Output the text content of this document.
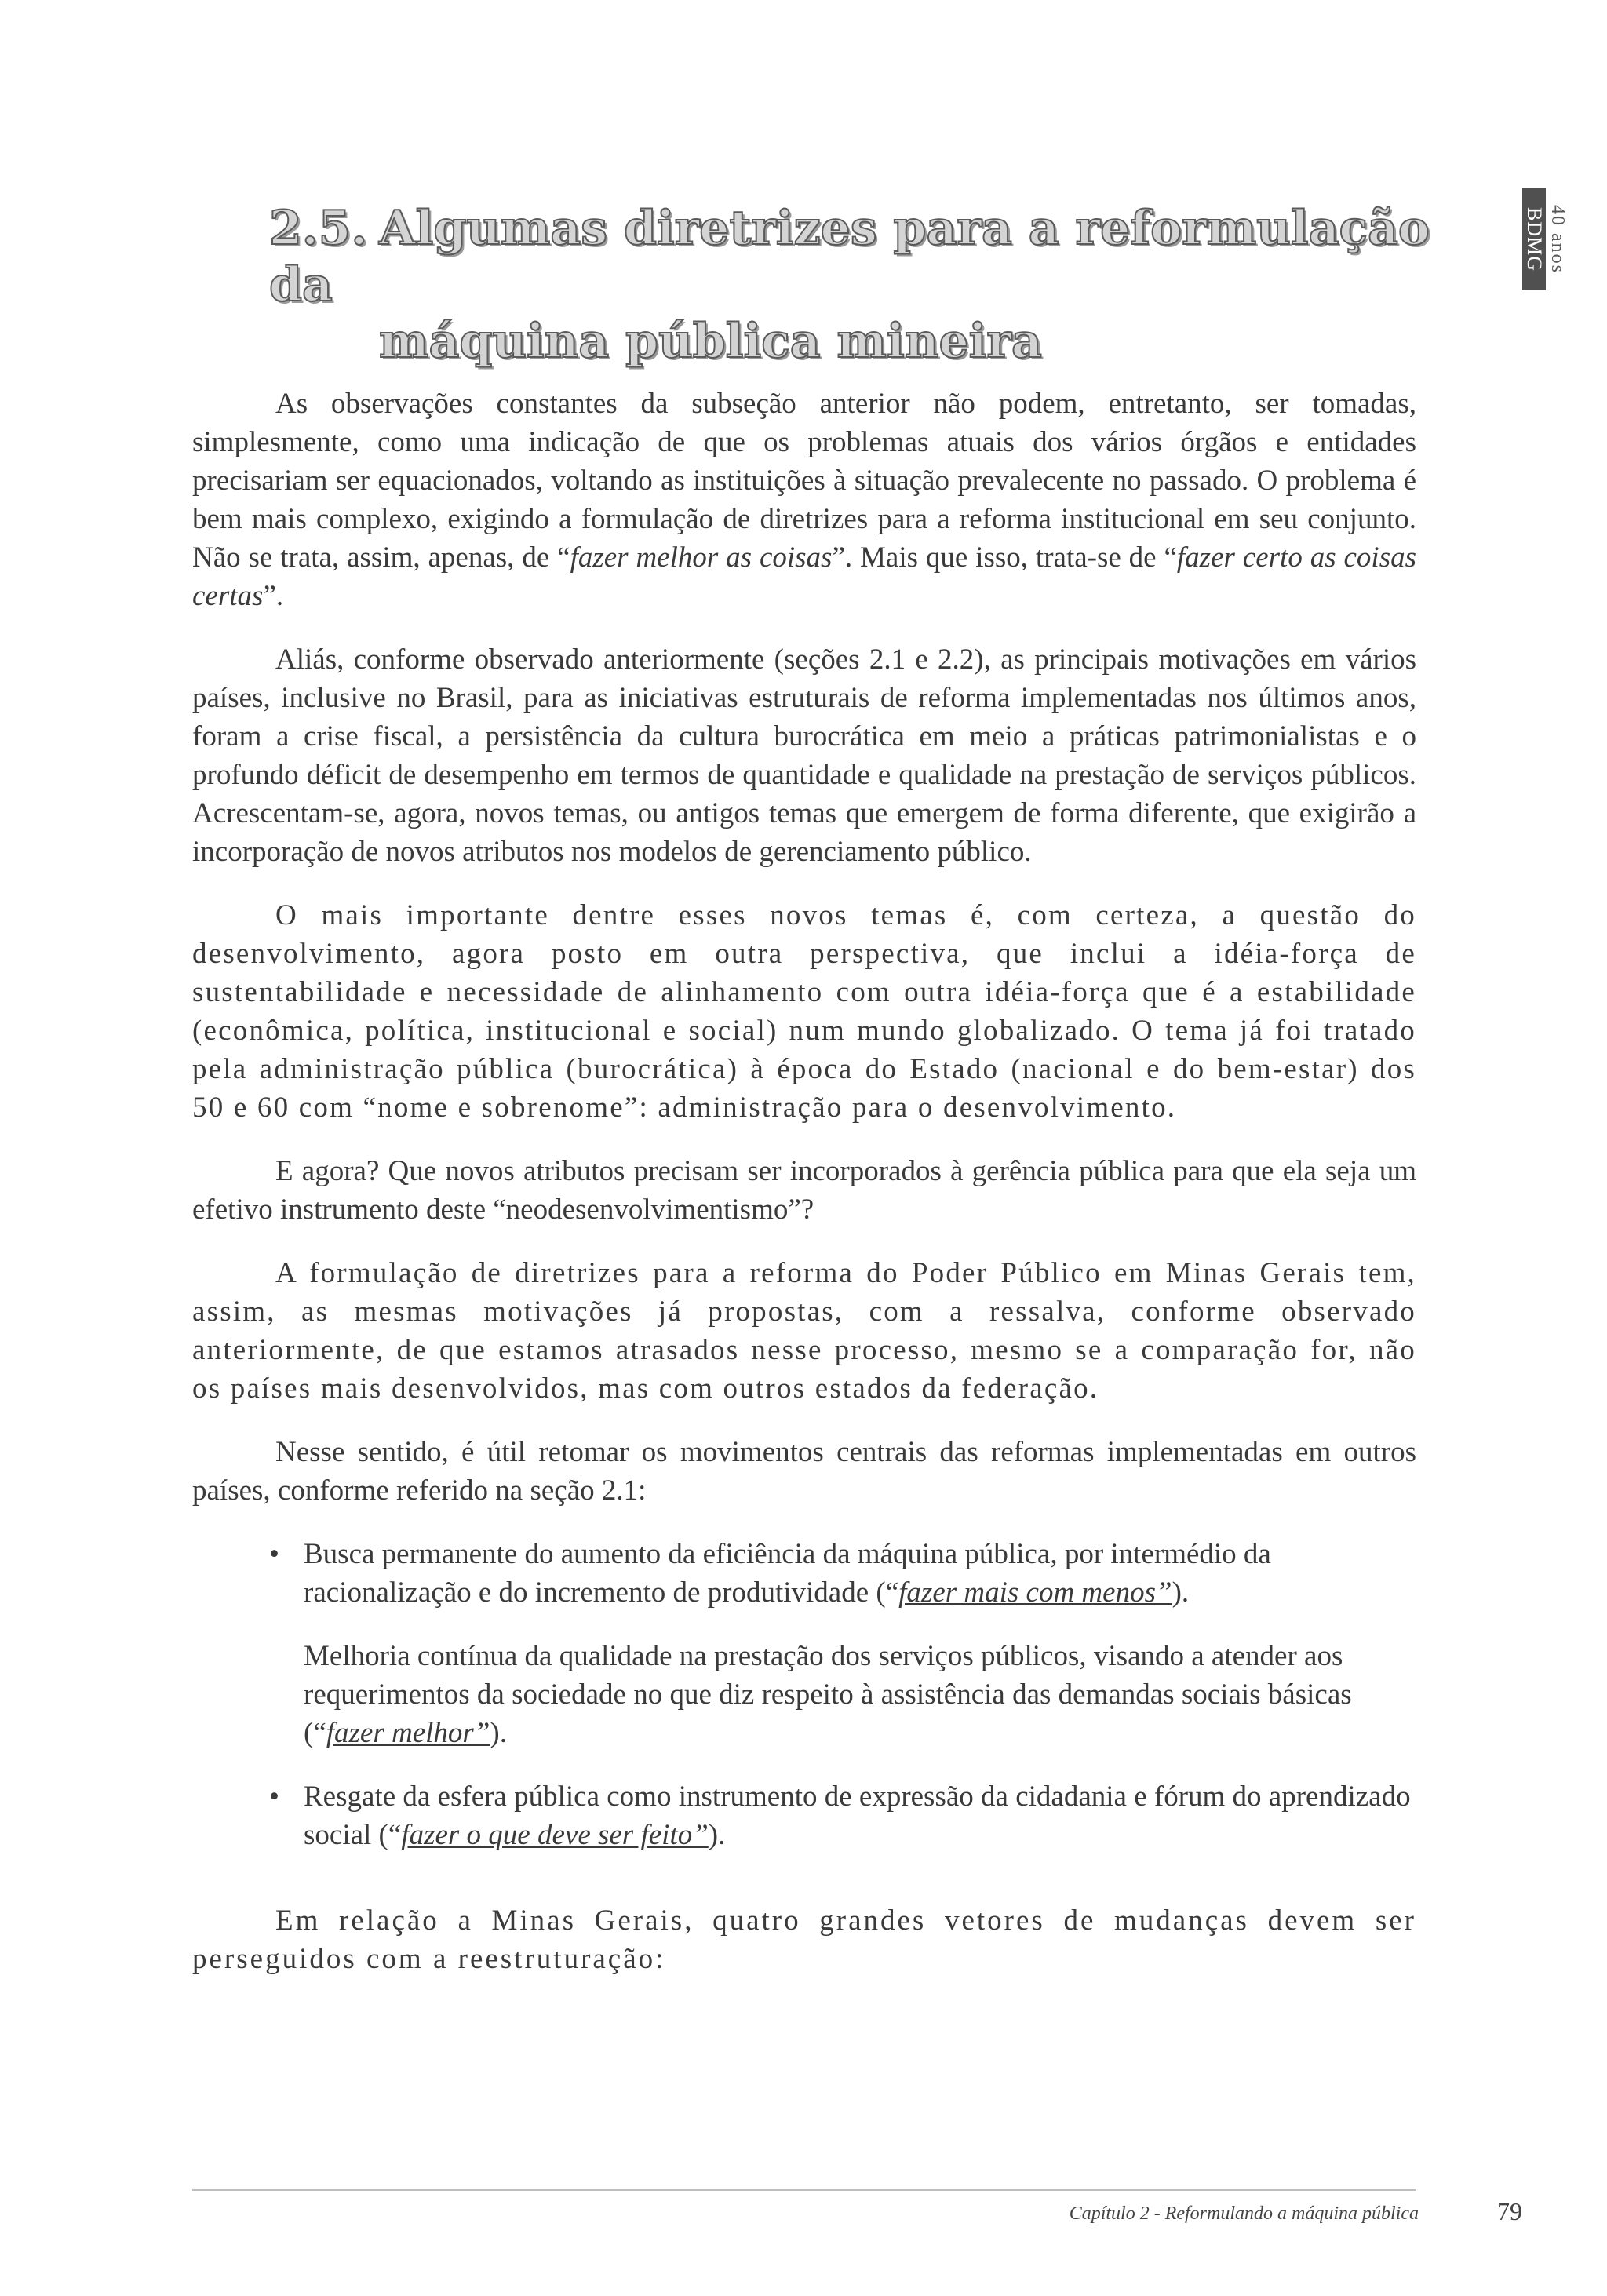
2.5. Algumas diretrizes para a reformulação da
máquina pública mineira
40 anos
BDMG

As observações constantes da subseção anterior não podem, entretanto, ser tomadas, simplesmente, como uma indicação de que os problemas atuais dos vários órgãos e entidades precisariam ser equacionados, voltando as instituições à situação prevalecente no passado. O problema é bem mais complexo, exigindo a formulação de diretrizes para a reforma institucional em seu conjunto. Não se trata, assim, apenas, de “fazer melhor as coisas”. Mais que isso, trata-se de “fazer certo as coisas certas”.

Aliás, conforme observado anteriormente (seções 2.1 e 2.2), as principais motivações em vários países, inclusive no Brasil, para as iniciativas estruturais de reforma implementadas nos últimos anos, foram a crise fiscal, a persistência da cultura burocrática em meio a práticas patrimonialistas e o profundo déficit de desempenho em termos de quantidade e qualidade na prestação de serviços públicos. Acrescentam-se, agora, novos temas, ou antigos temas que emergem de forma diferente, que exigirão a incorporação de novos atributos nos modelos de gerenciamento público.

O mais importante dentre esses novos temas é, com certeza, a questão do desenvolvimento, agora posto em outra perspectiva, que inclui a idéia-força de sustentabilidade e necessidade de alinhamento com outra idéia-força que é a estabilidade (econômica, política, institucional e social) num mundo globalizado. O tema já foi tratado pela administração pública (burocrática) à época do Estado (nacional e do bem-estar) dos 50 e 60 com “nome e sobrenome”: administração para o desenvolvimento.

E agora? Que novos atributos precisam ser incorporados à gerência pública para que ela seja um efetivo instrumento deste “neodesenvolvimentismo”?

A formulação de diretrizes para a reforma do Poder Público em Minas Gerais tem, assim, as mesmas motivações já propostas, com a ressalva, conforme observado anteriormente, de que estamos atrasados nesse processo, mesmo se a comparação for, não os países mais desenvolvidos, mas com outros estados da federação.

Nesse sentido, é útil retomar os movimentos centrais das reformas implementadas em outros países, conforme referido na seção 2.1:

• Busca permanente do aumento da eficiência da máquina pública, por intermédio da racionalização e do incremento de produtividade (“fazer mais com menos”).

Melhoria contínua da qualidade na prestação dos serviços públicos, visando a atender aos requerimentos da sociedade no que diz respeito à assistência das demandas sociais básicas (“fazer melhor”).

• Resgate da esfera pública como instrumento de expressão da cidadania e fórum do aprendizado social (“fazer o que deve ser feito”).

Em relação a Minas Gerais, quatro grandes vetores de mudanças devem ser perseguidos com a reestruturação:

Capítulo 2 - Reformulando a máquina pública	79
